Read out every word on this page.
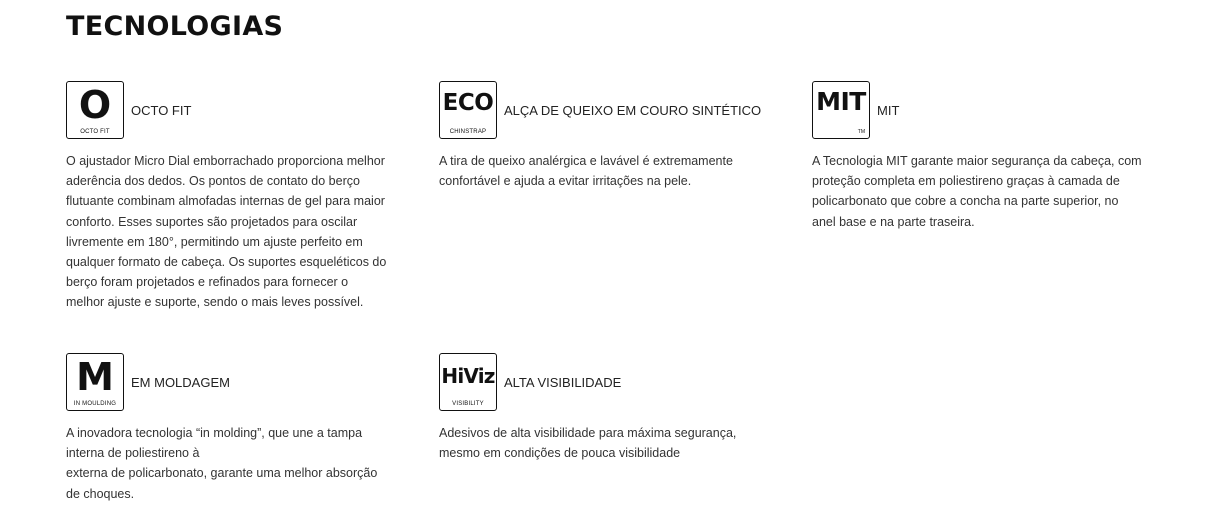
TECNOLOGIAS
O
OCTO FIT
OCTO FIT

O ajustador Micro Dial emborrachado proporciona melhor
aderência dos dedos. Os pontos de contato do berço
flutuante combinam almofadas internas de gel para maior
conforto. Esses suportes são projetados para oscilar
livremente em 180°, permitindo um ajuste perfeito em
qualquer formato de cabeça. Os suportes esqueléticos do
berço foram projetados e refinados para fornecer o
melhor ajuste e suporte, sendo o mais leves possível.

ECO
CHINSTRAP
ALÇA DE QUEIXO EM COURO SINTÉTICO

A tira de queixo analérgica e lavável é extremamente
confortável e ajuda a evitar irritações na pele.

MIT
TM
MIT

A Tecnologia MIT garante maior segurança da cabeça, com
proteção completa em poliestireno graças à camada de
policarbonato que cobre a concha na parte superior, no
anel base e na parte traseira.

M
IN MOULDING
EM MOLDAGEM

A inovadora tecnologia “in molding”, que une a tampa
interna de poliestireno à
externa de policarbonato, garante uma melhor absorção
de choques.

HiViz
VISIBILITY
ALTA VISIBILIDADE

Adesivos de alta visibilidade para máxima segurança,
mesmo em condições de pouca visibilidade
